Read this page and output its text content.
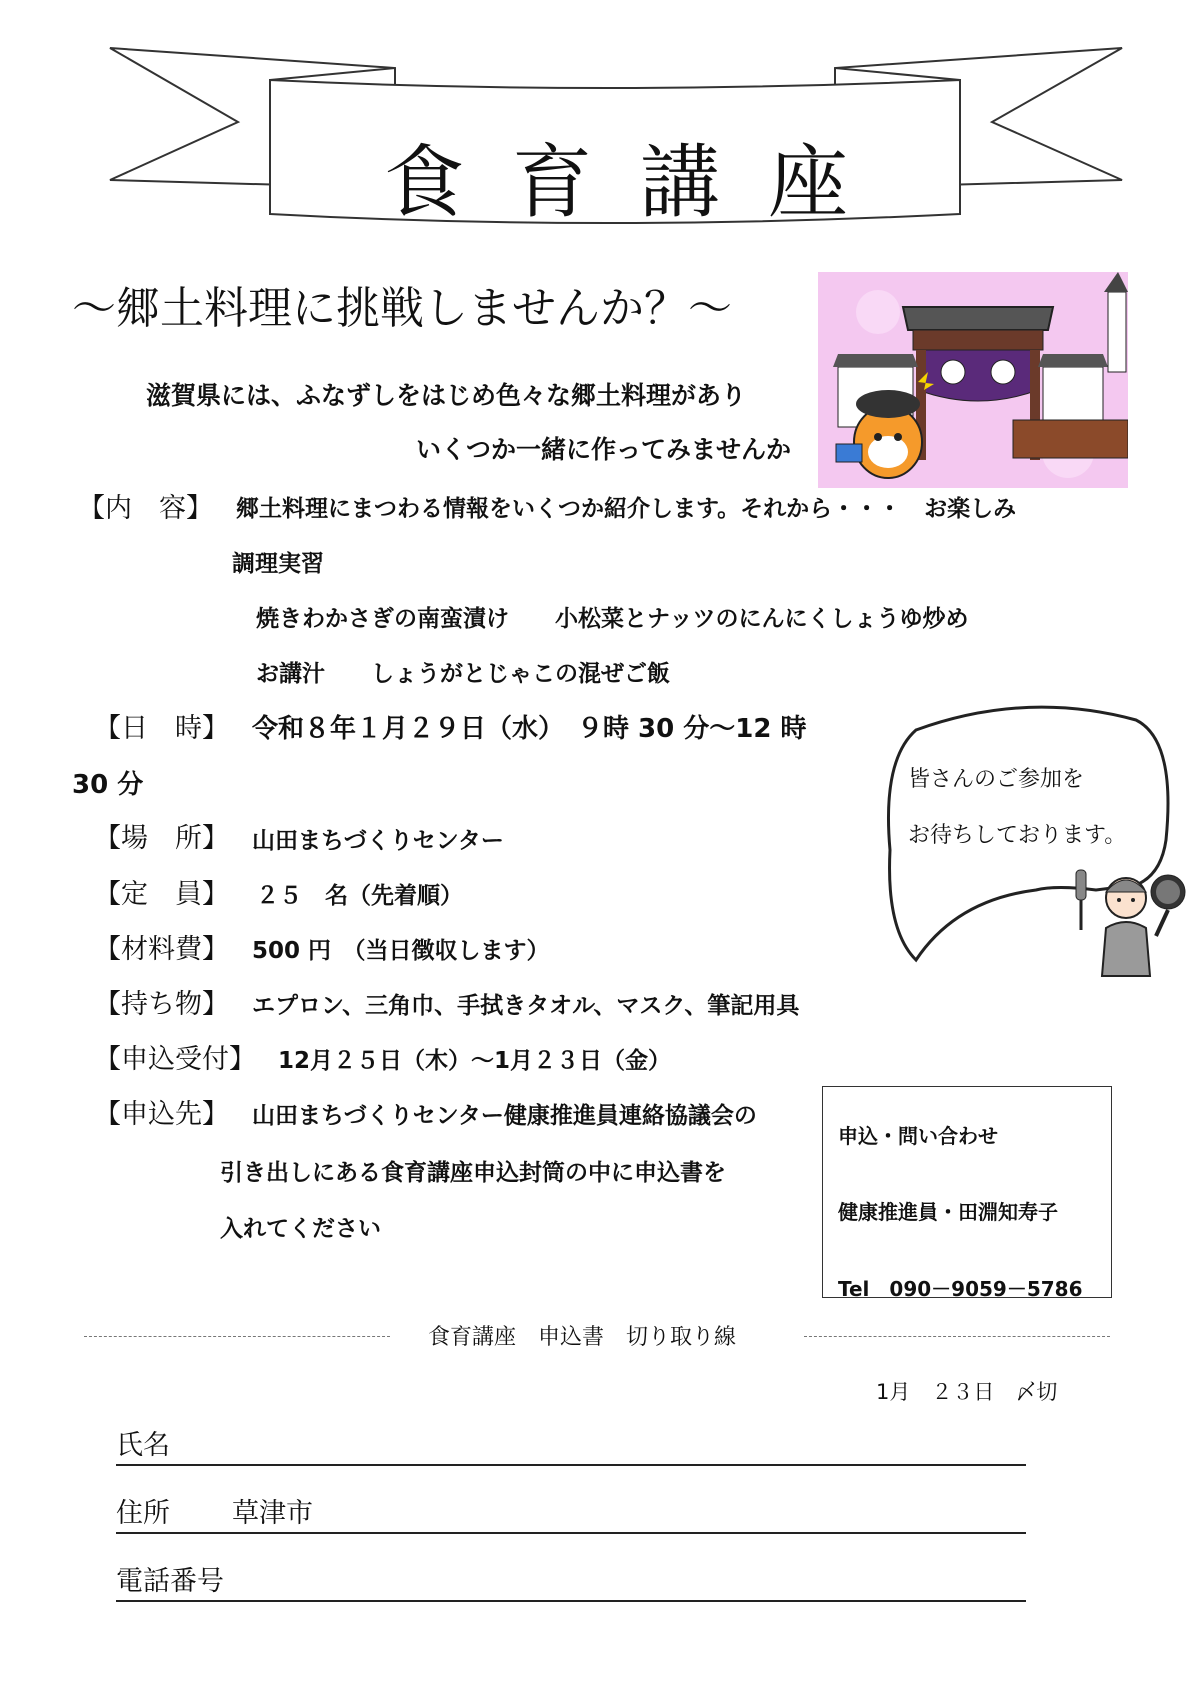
食育講座
～郷土料理に挑戦しませんか？～
滋賀県には、ふなずしをはじめ色々な郷土料理があり
いくつか一緒に作ってみませんか
【内　容】 郷土料理にまつわる情報をいくつか紹介します。それから・・・　お楽しみ
調理実習
焼きわかさぎの南蛮漬け　　小松菜とナッツのにんにくしょうゆ炒め
お講汁　　しょうがとじゃこの混ぜご飯
【日　時】 令和８年１月２９日（水）　９時 30 分～12 時
30 分	皆さんのご参加を
お待ちしております。
【場　所】 山田まちづくりセンター
【定　員】 ２５　名（先着順）
【材料費】 500 円　（当日徴収します）
【持ち物】 エプロン、三角巾、手拭きタオル、マスク、筆記用具
【申込受付】 12月２５日（木）～1月２３日（金）
【申込先】 山田まちづくりセンター健康推進員連絡協議会の
引き出しにある食育講座申込封筒の中に申込書を
入れてください
申込・問い合わせ
健康推進員・田淵知寿子
Tel　090－9059－5786
食育講座　申込書　切り取り線
1月　２３日　〆切
氏名
住所 草津市
電話番号
